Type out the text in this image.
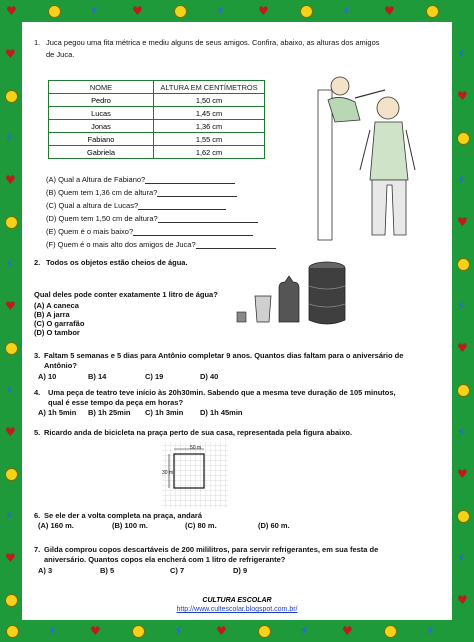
♥
⚡
⚡
♥
♥
⚡
⚡
♥
♥
⚡
⚡
♥
♥
⚡
♥	⚡
♥
⚡
♥	⚡
♥
⚡
♥	⚡
♥
⚡
♥	⚡
♥
⚡
♥	⚡
♥
1. Juca pegou uma fita métrica e mediu alguns de seus amigos. Confira, abaixo, as alturas dos amigos
de Juca.
NOME	ALTURA EM CENTÍMETROS
Pedro	1,50 cm
Lucas	1,45 cm
Jonas	1,36 cm
Fabiano	1,55 cm
Gabriela	1,62 cm
(A) Qual a Altura de Fabiano?
(B) Quem tem 1,36 cm de altura?
(C) Qual a altura de Lucas?
(D) Quem tem 1,50 cm de altura?
(E) Quem é o mais baixo?
(F) Quem é o mais alto dos amigos de Juca?
2. Todos os objetos estão cheios de água.
Qual deles pode conter exatamente 1 litro de água?
(A) A caneca
(B) A jarra
(C) O garrafão
(D) O tambor
3. Faltam 5 semanas e 5 dias para Antônio completar 9 anos. Quantos dias faltam para o aniversário de
Antônio?
A) 10	B) 14	C) 19	D) 40
4. Uma peça de teatro teve início às 20h30min. Sabendo que a mesma teve duração de 105 minutos,
qual é esse tempo da peça em horas?
A) 1h 5min B) 1h 25min C) 1h 3min D) 1h 45min
5. Ricardo anda de bicicleta na praça perto de sua casa, representada pela figura abaixo.
50 m
30 m
6. Se ele der a volta completa na praça, andará
(A) 160 m.	(B) 100 m.	(C) 80 m.	(D) 60 m.
7. Gilda comprou copos descartáveis de 200 mililitros, para servir refrigerantes, em sua festa de
aniversário. Quantos copos ela encherá com 1 litro de refrigerante?
A) 3	B) 5	C) 7	D) 9
CULTURA ESCOLAR
http://www.cultescolar.blogspot.com.br/
